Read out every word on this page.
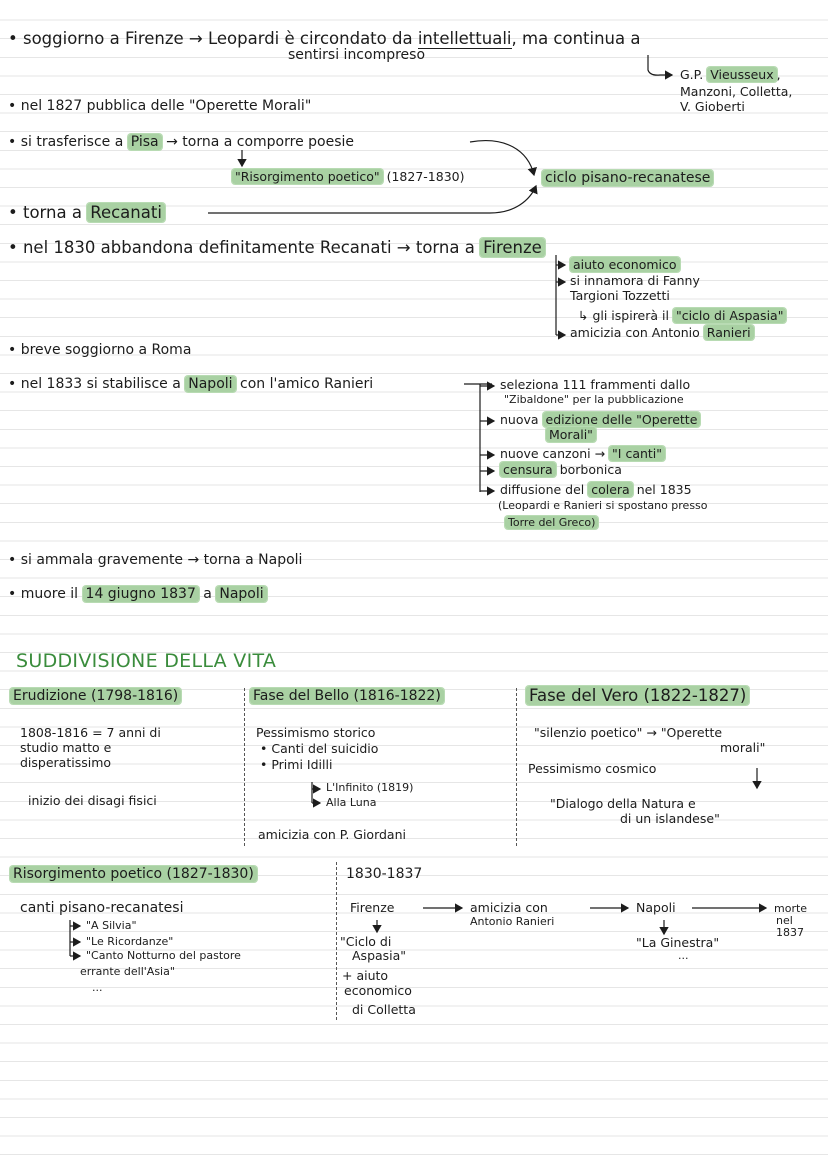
• soggiorno a Firenze → Leopardi è circondato da intellettuali, ma continua a
sentirsi incompreso
G.P. Vieusseux ,
Manzoni, Colletta,
V. Gioberti
• nel 1827 pubblica delle "Operette Morali"
• si trasferisce a Pisa → torna a comporre poesie
"Risorgimento poetico" (1827-1830)	ciclo pisano-recanatese
• torna a Recanati
• nel 1830 abbandona definitamente Recanati → torna a Firenze
aiuto economico
si innamora di Fanny
Targioni Tozzetti
↳ gli ispirerà il "ciclo di Aspasia"
amicizia con Antonio Ranieri
• breve soggiorno a Roma
• nel 1833 si stabilisce a Napoli con l'amico Ranieri	seleziona 111 frammenti dallo
"Zibaldone" per la pubblicazione
nuova edizione delle "Operette
Morali"
nuove canzoni → "I canti"
censura borbonica
diffusione del colera nel 1835
(Leopardi e Ranieri si spostano presso
Torre del Greco)
• si ammala gravemente → torna a Napoli
• muore il 14 giugno 1837 a Napoli
SUDDIVISIONE DELLA VITA
Erudizione (1798-1816)	Fase del Bello (1816-1822)	Fase del Vero (1822-1827)
1808-1816 = 7 anni di
studio matto e
disperatissimo
inizio dei disagi fisici
Pessimismo storico
• Canti del suicidio
• Primi Idilli
L'Infinito (1819)
Alla Luna
amicizia con P. Giordani
"silenzio poetico" → "Operette
morali"
Pessimismo cosmico
"Dialogo della Natura e
di un islandese"
Risorgimento poetico (1827-1830)	1830-1837
canti pisano-recanatesi
"A Silvia"
"Le Ricordanze"
"Canto Notturno del pastore
errante dell'Asia"
...
Firenze	amicizia con
Antonio Ranieri
Napoli	morte
nel
1837
"Ciclo di
Aspasia"
"La Ginestra"
...
+ aiuto
economico
di Colletta
